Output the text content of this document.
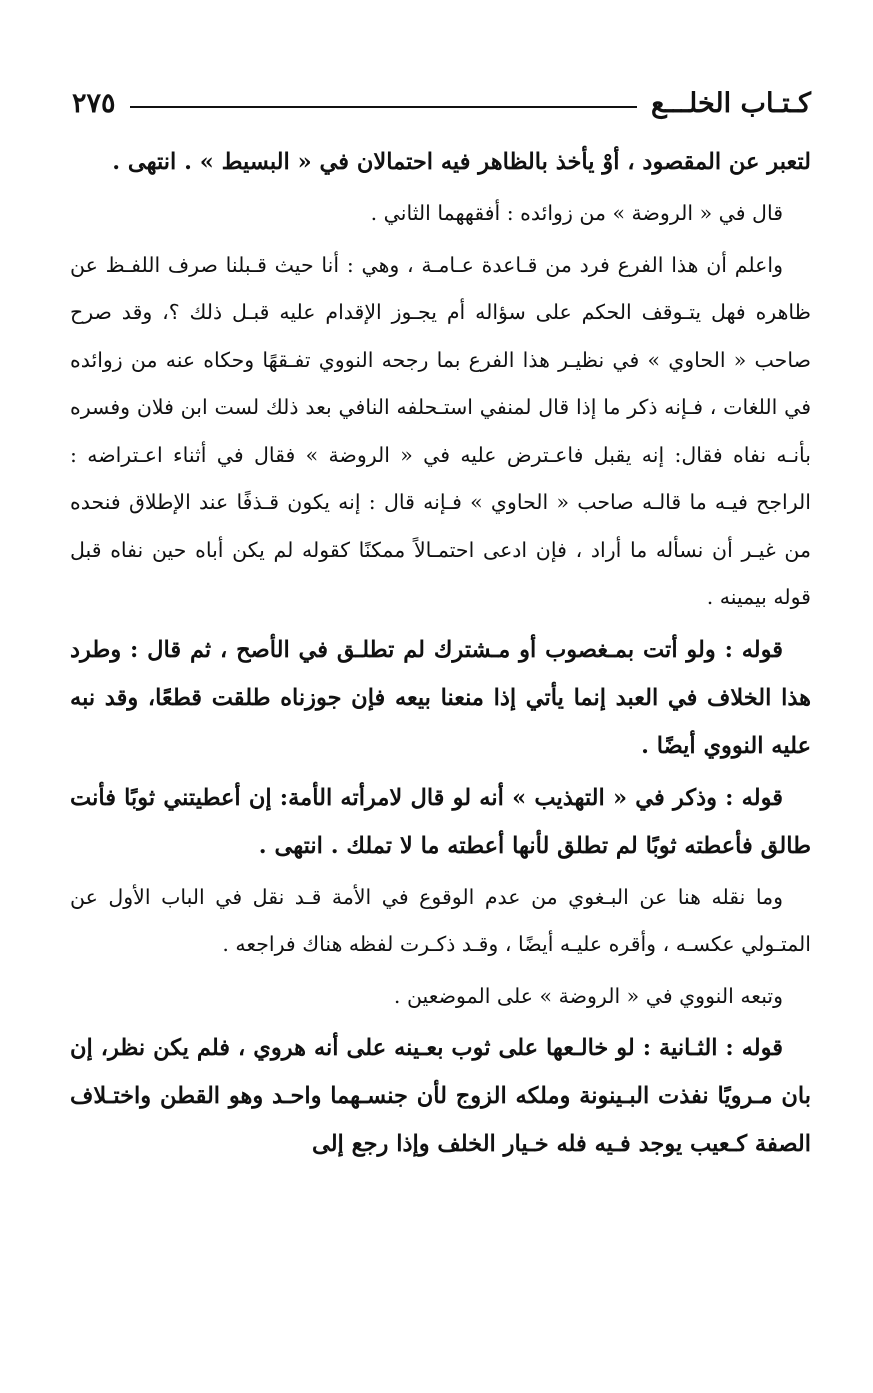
كـتـاب الخلـــع
٢٧٥

لتعبر عن المقصود ، أوْ يأخذ بالظاهر فيه احتمالان في « البسيط » . انتهى .

قال في « الروضة » من زوائده : أفقههما الثاني .

واعلم أن هذا الفرع فرد من قـاعدة عـامـة ، وهي : أنا حيث قـبلنا صرف اللفـظ عن ظاهره فهل يتـوقف الحكم على سؤاله أم يجـوز الإقدام عليه قبـل ذلك ؟، وقد صرح صاحب « الحاوي » في نظيـر هذا الفرع بما رجحه النووي تفـقهًا وحكاه عنه من زوائده في اللغات ، فـإنه ذكر ما إذا قال لمنفي استـحلفه النافي بعد ذلك لست ابن فلان وفسره بأنـه نفاه فقال: إنه يقبل فاعـترض عليه في « الروضة » فقال في أثناء اعـتراضه : الراجح فيـه ما قالـه صاحب « الحاوي » فـإنه قال : إنه يكون قـذفًا عند الإطلاق فنحده من غيـر أن نسأله ما أراد ، فإن ادعى احتمـالاً ممكنًا كقوله لم يكن أباه حين نفاه قبل قوله بيمينه .

قوله : ولو أتت بمـغصوب أو مـشترك لم تطلـق في الأصح ، ثم قال : وطرد هذا الخلاف في العبد إنما يأتي إذا منعنا بيعه فإن جوزناه طلقت قطعًا، وقد نبه عليه النووي أيضًا .

قوله : وذكر في « التهذيب » أنه لو قال لامرأته الأمة: إن أعطيتني ثوبًا فأنت طالق فأعطته ثوبًا لم تطلق لأنها أعطته ما لا تملك . انتهى .

وما نقله هنا عن البـغوي من عدم الوقوع في الأمة قـد نقل في الباب الأول عن المتـولي عكسـه ، وأقره عليـه أيضًا ، وقـد ذكـرت لفظه هناك فراجعه .

وتبعه النووي في « الروضة » على الموضعين .

قوله : الثـانية : لو خالـعها على ثوب بعـينه على أنه هروي ، فلم يكن نظر، إن بان مـرويًا نفذت البـينونة وملكه الزوج لأن جنسـهما واحـد وهو القطن واختـلاف الصفة كـعيب يوجد فـيه فله خـيار الخلف وإذا رجع إلى
